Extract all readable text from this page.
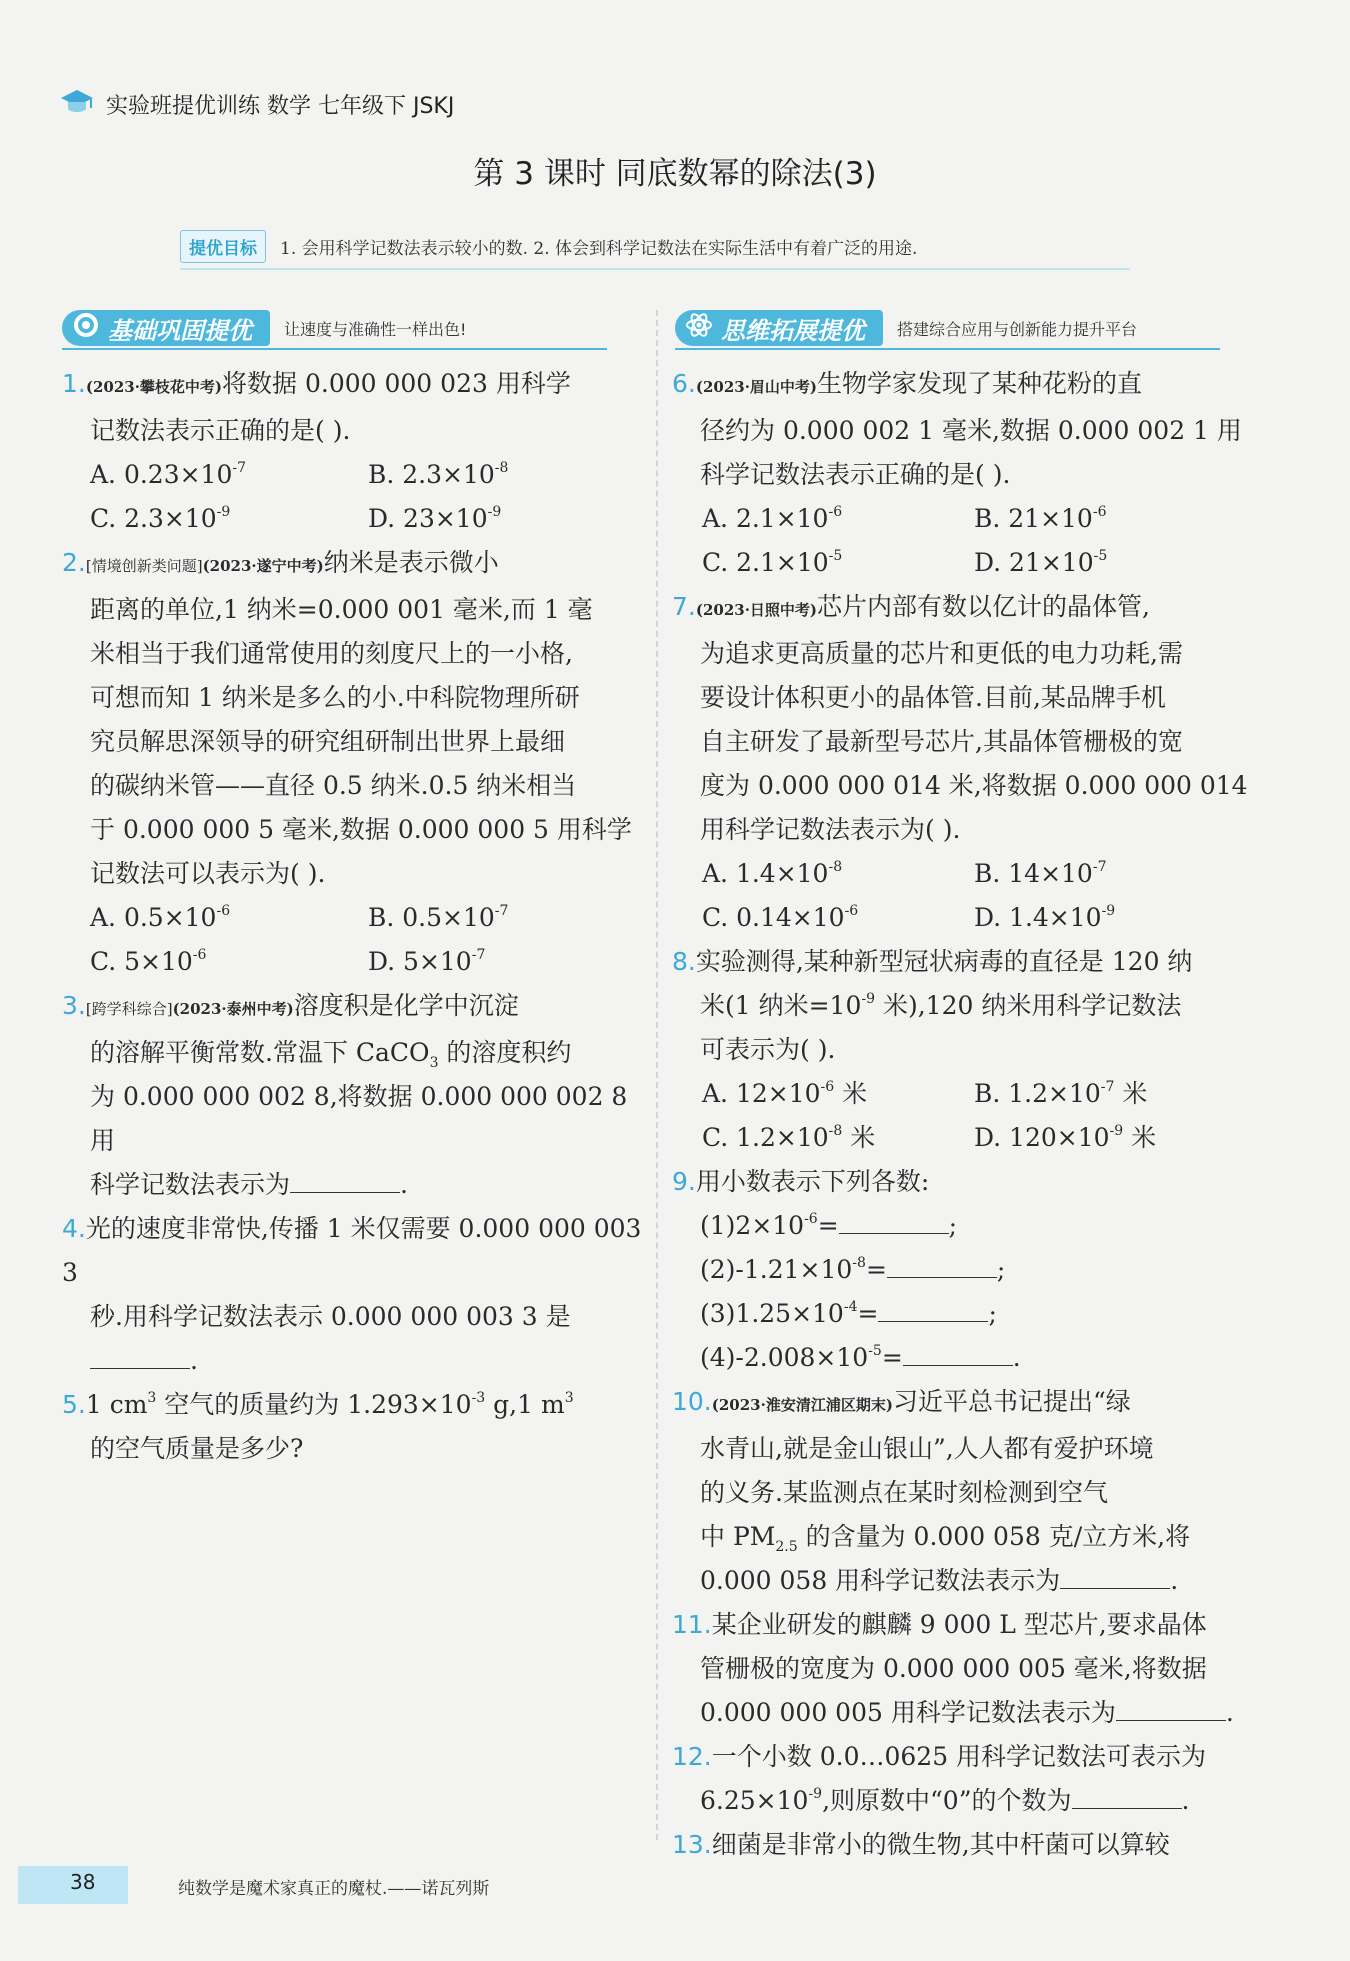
实验班提优训练 数学 七年级下 JSKJ
第 3 课时 同底数幂的除法(3)
提优目标	1. 会用科学记数法表示较小的数. 2. 体会到科学记数法在实际生活中有着广泛的用途.
基础巩固提优 让速度与准确性一样出色!	思维拓展提优 搭建综合应用与创新能力提升平台

1.(2023·攀枝花中考)将数据 0.000 000 023 用科学

记数法表示正确的是( ).

A. $0.23\times 10^{-7}$	B. $2.3\times 10^{-8}$
C. $2.3\times 10^{-9}$	D. $23\times 10^{-9}$

2.[情境创新类问题](2023·遂宁中考)纳米是表示微小

距离的单位,1 纳米=0.000 001 毫米,而 1 毫

米相当于我们通常使用的刻度尺上的一小格,

可想而知 1 纳米是多么的小.中科院物理所研

究员解思深领导的研究组研制出世界上最细

的碳纳米管——直径 0.5 纳米.0.5 纳米相当

于 0.000 000 5 毫米,数据 0.000 000 5 用科学

记数法可以表示为( ).

A. $0.5\times 10^{-6}$	B. $0.5\times 10^{-7}$
C. $5\times 10^{-6}$	D. $5\times 10^{-7}$

3.[跨学科综合](2023·泰州中考)溶度积是化学中沉淀

的溶解平衡常数.常温下 CaCO$_3$ 的溶度积约

为 0.000 000 002 8,将数据 0.000 000 002 8 用

科学记数法表示为	.

4.光的速度非常快,传播 1 米仅需要 0.000 000 003 3

秒.用科学记数法表示 0.000 000 003 3 是.

5.1 $cm^3$ 空气的质量约为 $1.293\times 10^{-3}$ g,1 $m^3$

的空气质量是多少?

6.(2023·眉山中考)生物学家发现了某种花粉的直

径约为 0.000 002 1 毫米,数据 0.000 002 1 用

科学记数法表示正确的是( ).

A. $2.1\times 10^{-6}$	B. $21\times 10^{-6}$
C. $2.1\times 10^{-5}$	D. $21\times 10^{-5}$

7.(2023·日照中考)芯片内部有数以亿计的晶体管,

为追求更高质量的芯片和更低的电力功耗,需

要设计体积更小的晶体管.目前,某品牌手机

自主研发了最新型号芯片,其晶体管栅极的宽

度为 0.000 000 014 米,将数据 0.000 000 014

用科学记数法表示为( ).

A. $1.4\times 10^{-8}$	B. $14\times 10^{-7}$
C. $0.14\times 10^{-6}$	D. $1.4\times 10^{-9}$

8.实验测得,某种新型冠状病毒的直径是 120 纳

米(1 纳米$=10^{-9}$ 米),120 纳米用科学记数法

可表示为( ).

A. $12\times 10^{-6}$ 米	B. $1.2\times 10^{-7}$ 米
C. $1.2\times 10^{-8}$ 米	D. $120\times 10^{-9}$ 米

9.用小数表示下列各数:

$(1)2\times 10^{-6}=$	;

$(2)-1.21\times 10^{-8}=$	;

$(3)1.25\times 10^{-4}=$	;

$(4)-2.008\times 10^{-5}=$	.

10.(2023·淮安清江浦区期末)习近平总书记提出“绿

水青山,就是金山银山”,人人都有爱护环境

的义务.某监测点在某时刻检测到空气

中 $PM_{2.5}$ 的含量为 0.000 058 克/立方米,将

0.000 058 用科学记数法表示为	.

11.某企业研发的麒麟 9 000 L 型芯片,要求晶体

管栅极的宽度为 0.000 000 005 毫米,将数据

0.000 000 005 用科学记数法表示为	.

12.一个小数 0.0…0625 用科学记数法可表示为

$6.25\times 10^{-9}$,则原数中“0”的个数为	.

13.细菌是非常小的微生物,其中杆菌可以算较

38	纯数学是魔术家真正的魔杖.——诺瓦列斯
